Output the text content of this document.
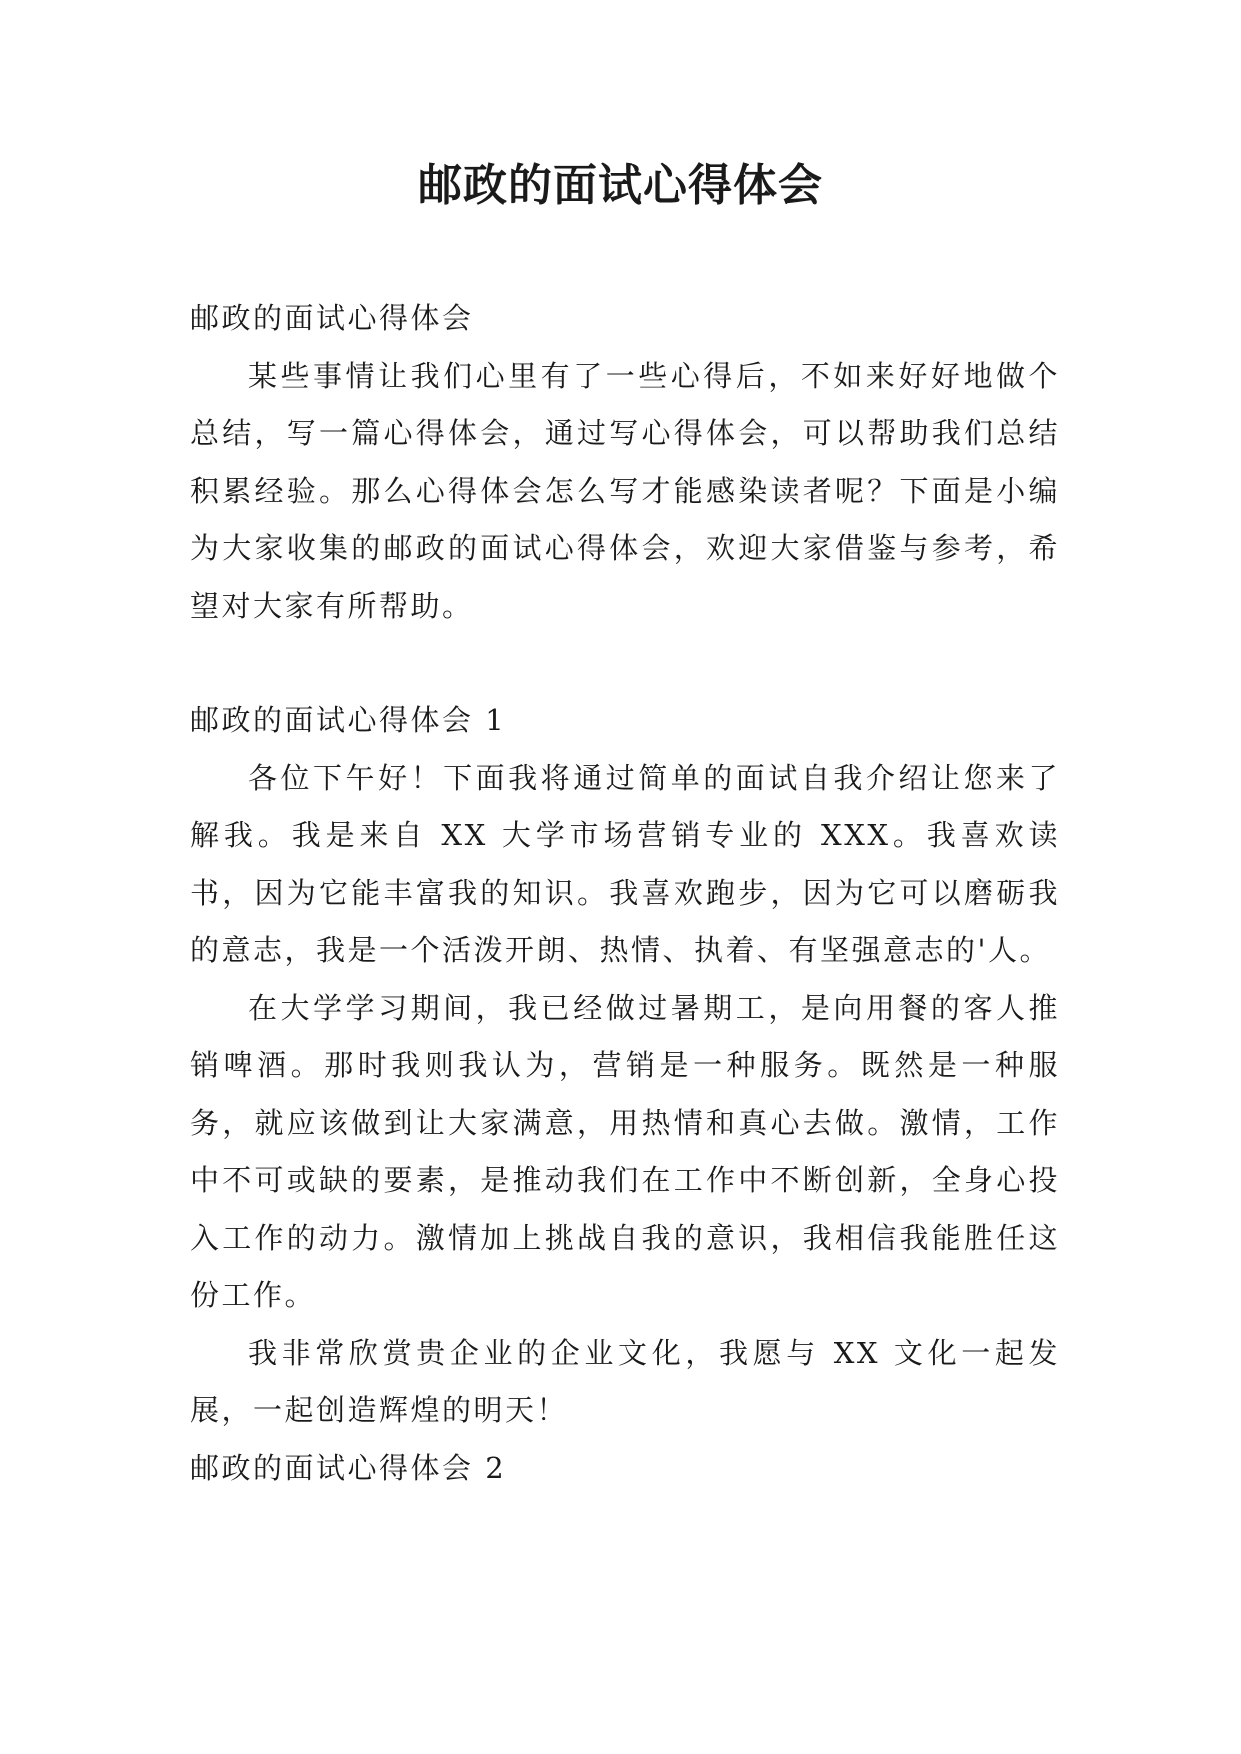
邮政的面试心得体会

邮政的面试心得体会

某些事情让我们心里有了一些心得后，不如来好好地做个总结，写一篇心得体会，通过写心得体会，可以帮助我们总结积累经验。那么心得体会怎么写才能感染读者呢？下面是小编为大家收集的邮政的面试心得体会，欢迎大家借鉴与参考，希望对大家有所帮助。

邮政的面试心得体会 1

各位下午好！下面我将通过简单的面试自我介绍让您来了解我。我是来自 XX 大学市场营销专业的 XXX。我喜欢读书，因为它能丰富我的知识。我喜欢跑步，因为它可以磨砺我的意志，我是一个活泼开朗、热情、执着、有坚强意志的'人。

在大学学习期间，我已经做过暑期工，是向用餐的客人推销啤酒。那时我则我认为，营销是一种服务。既然是一种服务，就应该做到让大家满意，用热情和真心去做。激情，工作中不可或缺的要素，是推动我们在工作中不断创新，全身心投入工作的动力。激情加上挑战自我的意识，我相信我能胜任这份工作。

我非常欣赏贵企业的企业文化，我愿与 XX 文化一起发展，一起创造辉煌的明天！

邮政的面试心得体会 2
